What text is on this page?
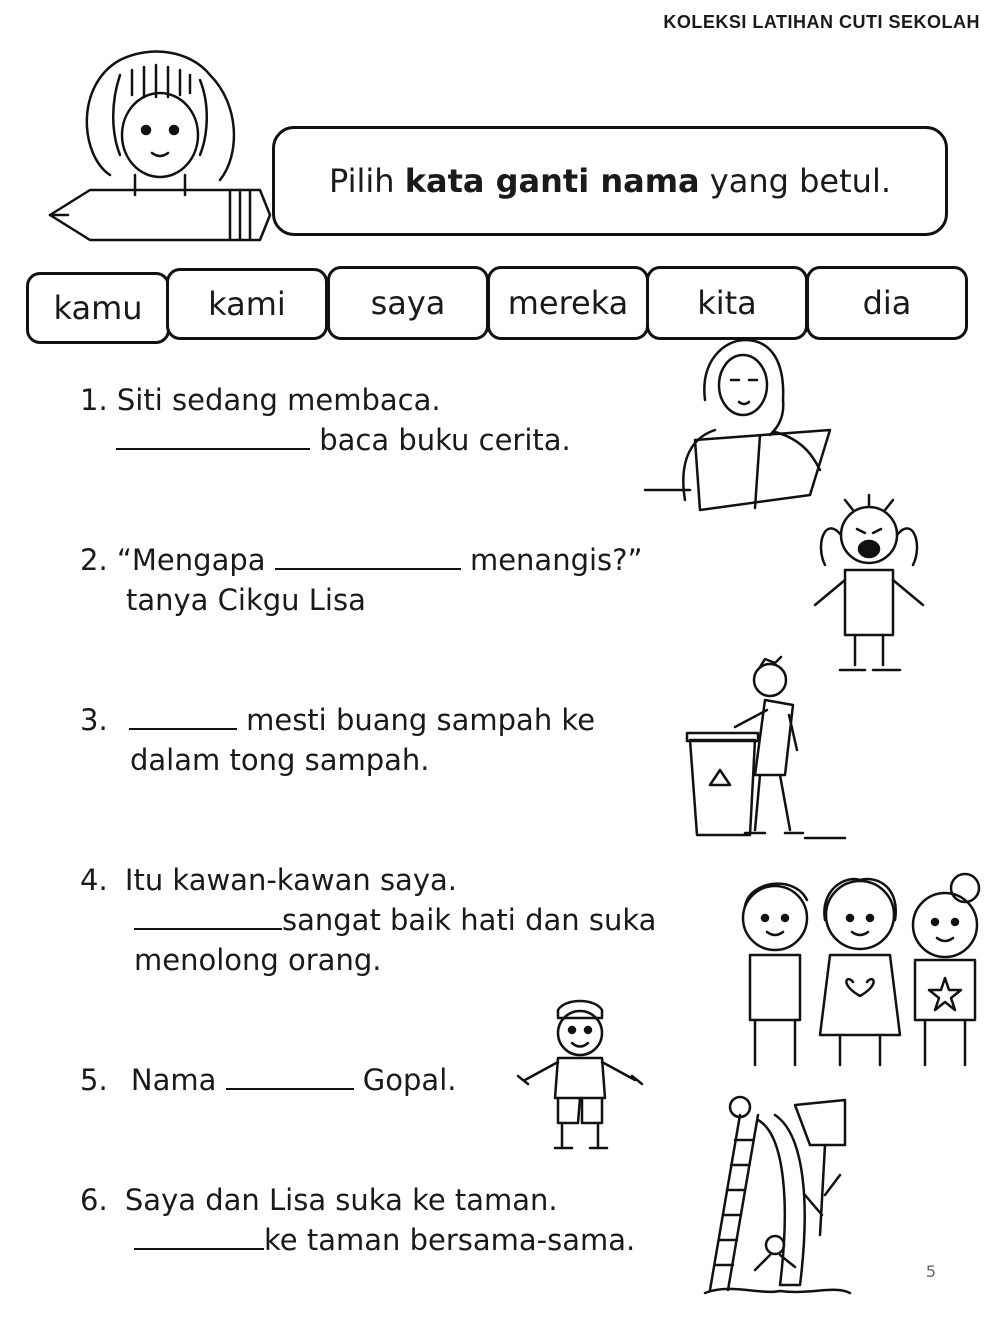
KOLEKSI LATIHAN CUTI SEKOLAH
Pilih kata ganti nama yang betul.
kamu	kami	saya	mereka	kita	dia
1. Siti sedang membaca.
baca buku cerita.
2. “Mengapa	menangis?”
tanya Cikgu Lisa
3.	mesti buang sampah ke
dalam tong sampah.
4. Itu kawan-kawan saya.
sangat baik hati dan suka
menolong orang.
5. Nama	Gopal.
6. Saya dan Lisa suka ke taman.
ke taman bersama-sama.
5
